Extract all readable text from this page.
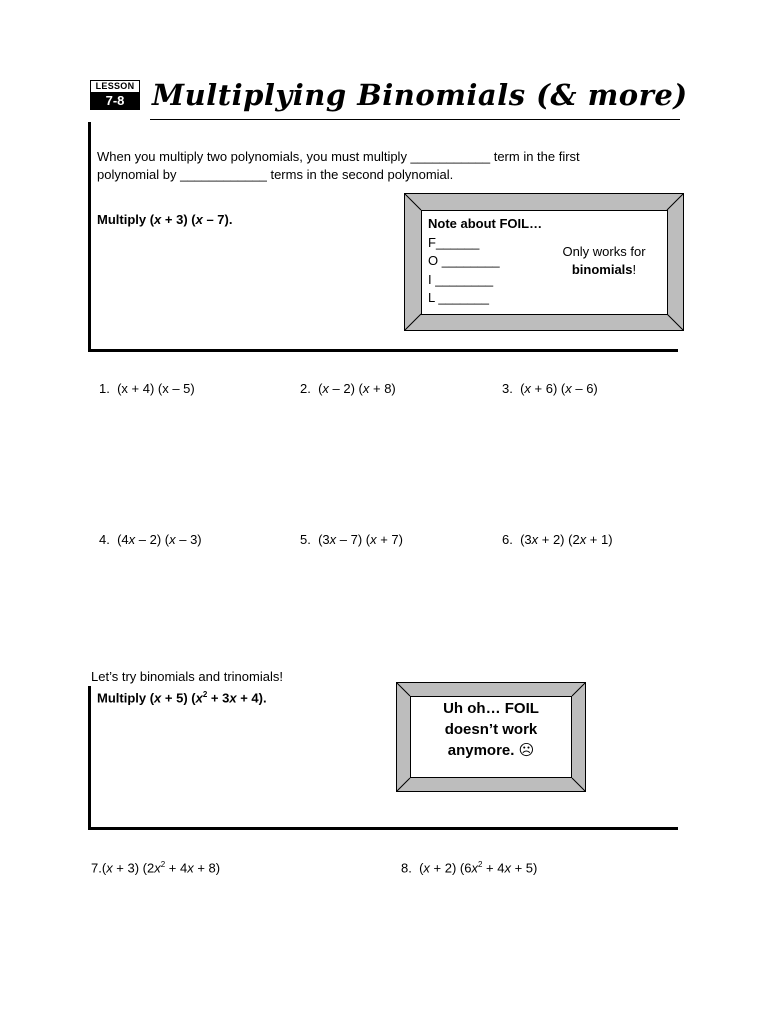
LESSON
7-8 Multiplying Binomials (& more)
When you multiply two polynomials, you must multiply ___________ term in the first
polynomial by ____________ terms in the second polynomial.
Multiply (x + 3) (x – 7).	Note about FOIL…
F______
O ________
I ________
L _______
Only works for
binomials!
1. (x + 4) (x – 5)	2. (x – 2) (x + 8)	3. (x + 6) (x – 6)
4. (4x – 2) (x – 3)	5. (3x – 7) (x + 7)	6. (3x + 2) (2x + 1)
Let’s try binomials and trinomials!
Multiply (x + 5) $(x^2 + 3x + 4)$.
Uh oh… FOIL
doesn’t work
anymore. ☹
7.(x + 3) $(2x^2 + 4x + 8)$	8. (x + 2) $(6x^2 + 4x + 5)$
